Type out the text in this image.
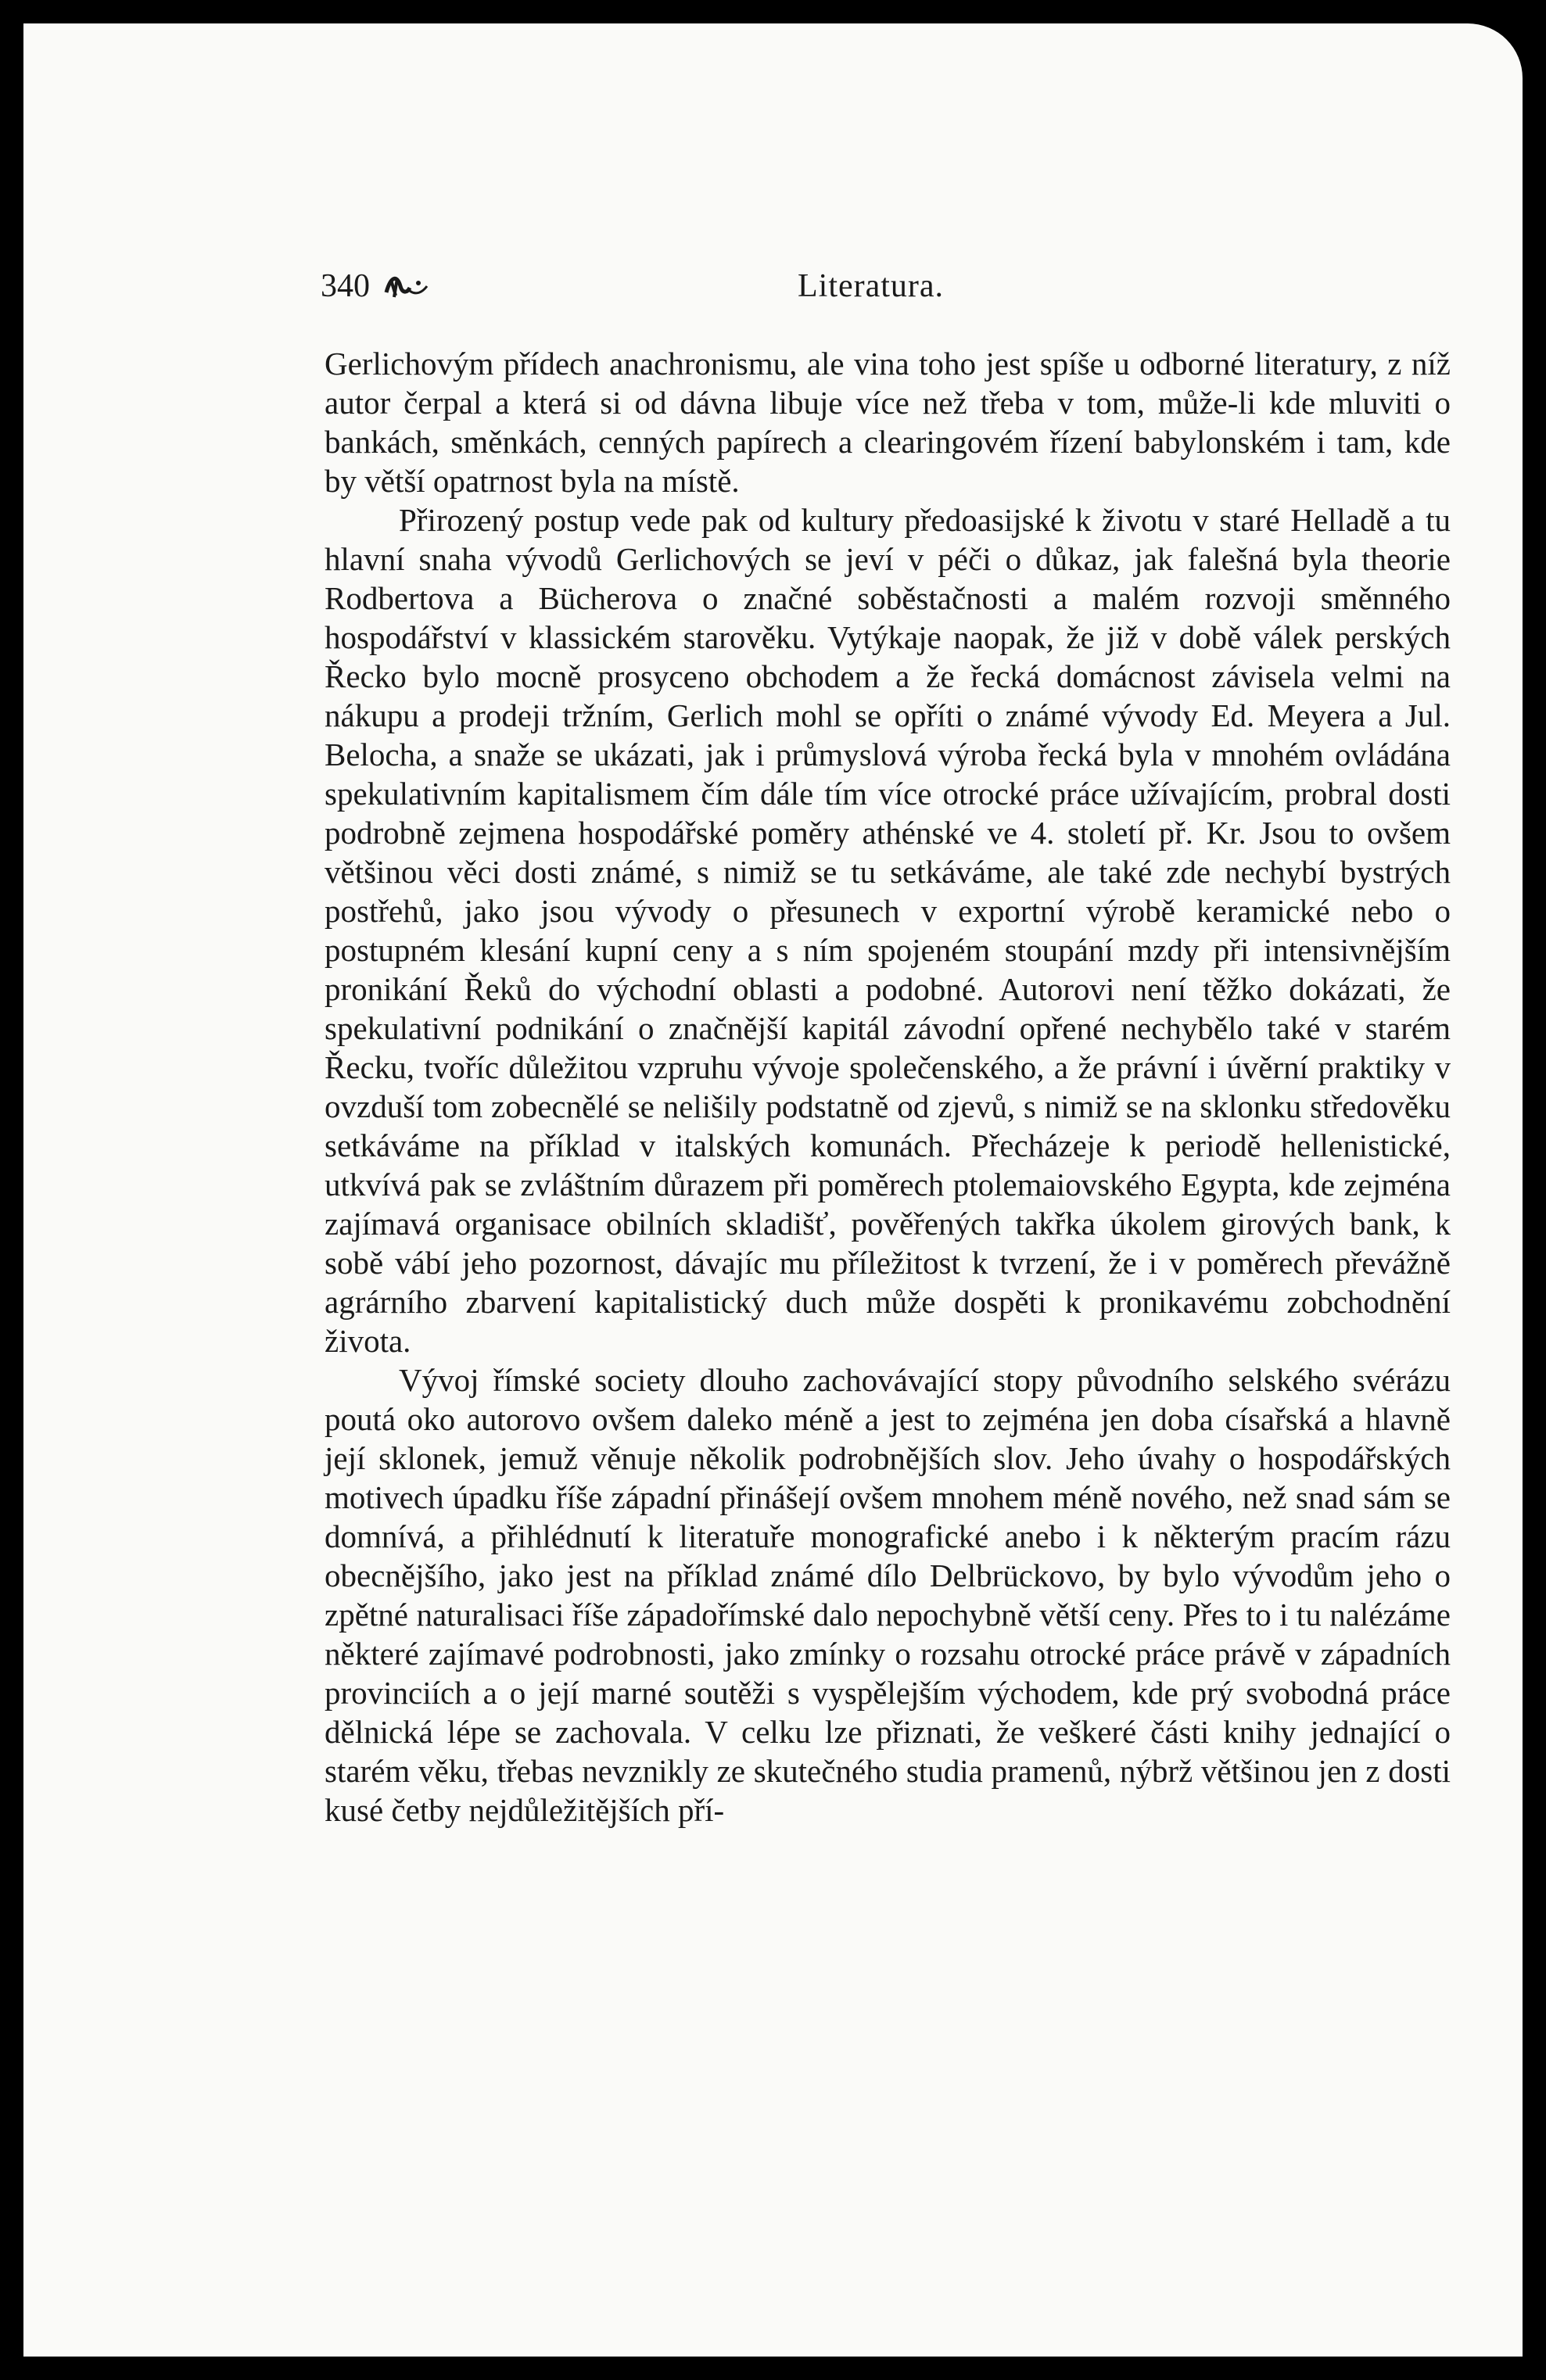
340	Literatura.

Gerlichovým přídech anachronismu, ale vina toho jest spíše u odborné literatury, z níž autor čerpal a která si od dávna libuje více než třeba v tom, může-li kde mluviti o bankách, směnkách, cenných papírech a clearingovém řízení babylonském i tam, kde by větší opatrnost byla na místě.

Přirozený postup vede pak od kultury předoasijské k životu v staré Helladě a tu hlavní snaha vývodů Gerlichových se jeví v péči o důkaz, jak falešná byla theorie Rodbertova a Bücherova o značné soběstačnosti a malém rozvoji směnného hospodářství v klassickém starověku. Vytýkaje naopak, že již v době válek perských Řecko bylo mocně prosyceno obchodem a že řecká domácnost závisela velmi na nákupu a prodeji tržním, Gerlich mohl se opříti o známé vývody Ed. Meyera a Jul. Belocha, a snaže se ukázati, jak i průmyslová výroba řecká byla v mnohém ovládána spekulativním kapitalismem čím dále tím více otrocké práce užívajícím, probral dosti podrobně zejmena hospodářské poměry athénské ve 4. století př. Kr. Jsou to ovšem většinou věci dosti známé, s nimiž se tu setkáváme, ale také zde nechybí bystrých postřehů, jako jsou vývody o přesunech v exportní výrobě keramické nebo o postupném klesání kupní ceny a s ním spojeném stoupání mzdy při intensivnějším pronikání Řeků do východní oblasti a podobné. Autorovi není těžko dokázati, že spekulativní podnikání o značnější kapitál závodní opřené nechybělo také v starém Řecku, tvoříc důležitou vzpruhu vývoje společenského, a že právní i úvěrní praktiky v ovzduší tom zobecnělé se nelišily podstatně od zjevů, s nimiž se na sklonku středověku setkáváme na příklad v italských komunách. Přecházeje k periodě hellenistické, utkvívá pak se zvláštním důrazem při poměrech ptolemaiovského Egypta, kde zejména zajímavá organisace obilních skladišť, pověřených takřka úkolem girových bank, k sobě vábí jeho pozornost, dávajíc mu příležitost k tvrzení, že i v poměrech převážně agrárního zbarvení kapitalistický duch může dospěti k pronikavému zobchodnění života.

Vývoj římské society dlouho zachovávající stopy původního selského svérázu poutá oko autorovo ovšem daleko méně a jest to zejména jen doba císařská a hlavně její sklonek, jemuž věnuje několik podrobnějších slov. Jeho úvahy o hospodářských motivech úpadku říše západní přinášejí ovšem mnohem méně nového, než snad sám se domnívá, a přihlédnutí k literatuře monografické anebo i k některým pracím rázu obecnějšího, jako jest na příklad známé dílo Delbrückovo, by bylo vývodům jeho o zpětné naturalisaci říše západořímské dalo nepochybně větší ceny. Přes to i tu nalézáme některé zajímavé podrobnosti, jako zmínky o rozsahu otrocké práce právě v západních provinciích a o její marné soutěži s vyspělejším východem, kde prý svobodná práce dělnická lépe se zachovala. V celku lze přiznati, že veškeré části knihy jednající o starém věku, třebas nevznikly ze skutečného studia pramenů, nýbrž většinou jen z dosti kusé četby nejdůležitějších pří-
